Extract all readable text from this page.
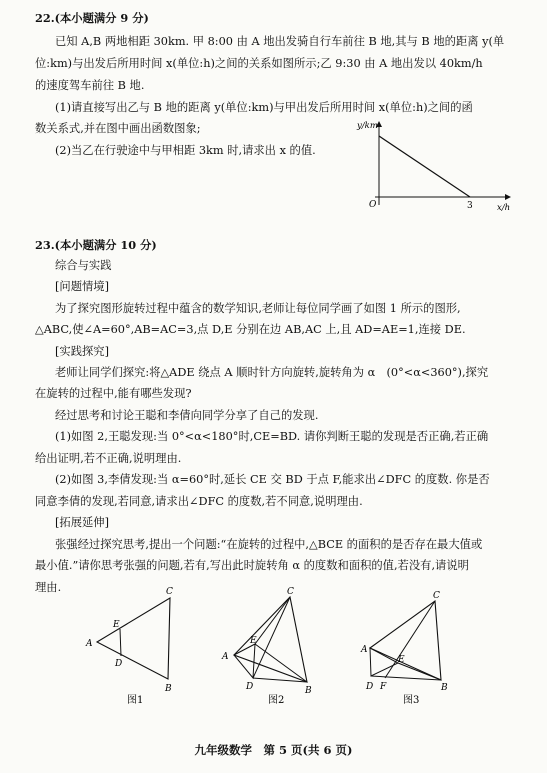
22.(本小题满分 9 分)
已知 A,B 两地相距 30km. 甲 8:00 由 A 地出发骑自行车前往 B 地,其与 B 地的距离 y(单
位:km)与出发后所用时间 x(单位:h)之间的关系如图所示;乙 9:30 由 A 地出发以 40km/h
的速度驾车前往 B 地.
(1)请直接写出乙与 B 地的距离 y(单位:km)与甲出发后所用时间 x(单位:h)之间的函
数关系式,并在图中画出函数图象;
(2)当乙在行驶途中与甲相距 3km 时,请求出 x 的值.
y/km
x/h
O	3
23.(本小题满分 10 分)
综合与实践
[问题情境]
为了探究图形旋转过程中蕴含的数学知识,老师让每位同学画了如图 1 所示的图形,
△ABC,使∠A=60°,AB=AC=3,点 D,E 分别在边 AB,AC 上,且 AD=AE=1,连接 DE.
[实践探究]
老师让同学们探究:将△ADE 绕点 A 顺时针方向旋转,旋转角为 α　(0°<α<360°),探究
在旋转的过程中,能有哪些发现?
经过思考和讨论王聪和李倩向同学分享了自己的发现.
(1)如图 2,王聪发现:当 0°<α<180°时,CE=BD. 请你判断王聪的发现是否正确,若正确
给出证明,若不正确,说明理由.
(2)如图 3,李倩发现:当 α=60°时,延长 CE 交 BD 于点 F,能求出∠DFC 的度数. 你是否
同意李倩的发现,若同意,请求出∠DFC 的度数,若不同意,说明理由.
[拓展延伸]
张强经过探究思考,提出一个问题:“在旋转的过程中,△BCE 的面积的是否存在最大值或
最小值.”请你思考张强的问题,若有,写出此时旋转角 α 的度数和面积的值,若没有,请说明
理由.
A
C
B
E
D
图1
A
C
B
E
D
图2
A
C
B
E
D F
图3
九年级数学　第 5 页(共 6 页)
